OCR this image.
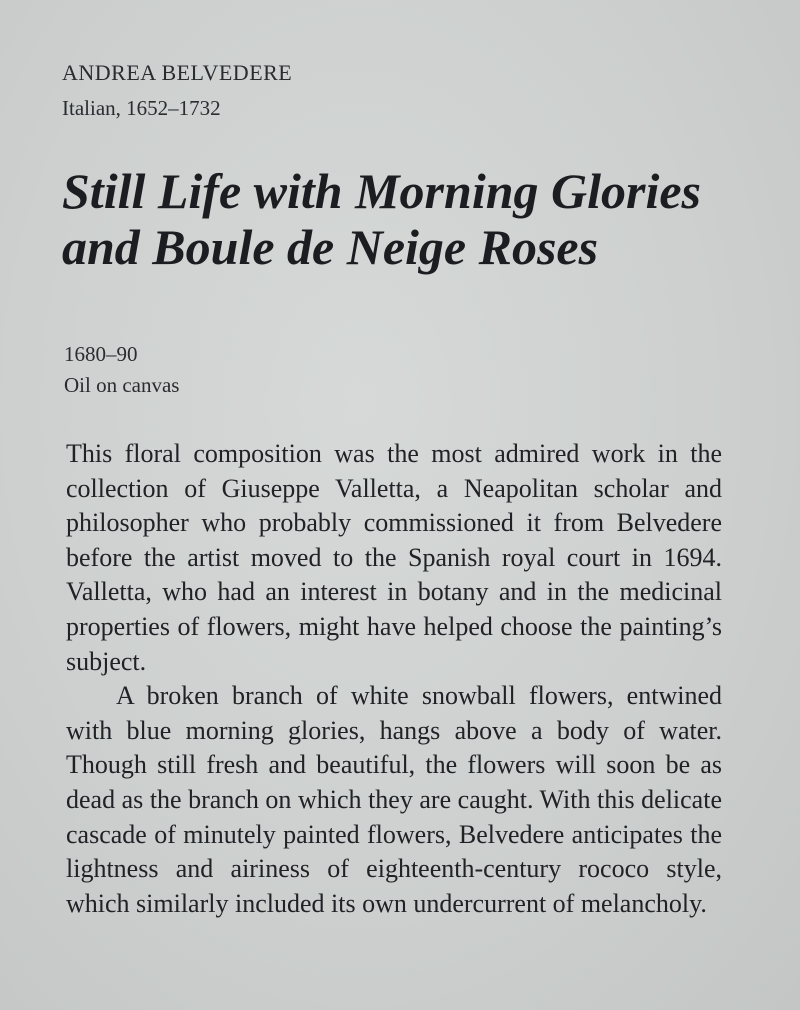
ANDREA BELVEDERE
Italian, 1652–1732
Still Life with Morning Glories and Boule de Neige Roses
1680–90
Oil on canvas

This floral composition was the most admired work in the collection of Giuseppe Valletta, a Neapolitan scholar and philosopher who probably commissioned it from Belvedere before the artist moved to the Spanish royal court in 1694. Valletta, who had an interest in botany and in the medicinal properties of flowers, might have helped choose the painting’s subject.

A broken branch of white snowball flowers, entwined with blue morning glories, hangs above a body of water. Though still fresh and beautiful, the flowers will soon be as dead as the branch on which they are caught. With this delicate cascade of minutely painted flowers, Belvedere anticipates the lightness and airiness of eighteenth-century rococo style, which similarly included its own undercurrent of melancholy.
